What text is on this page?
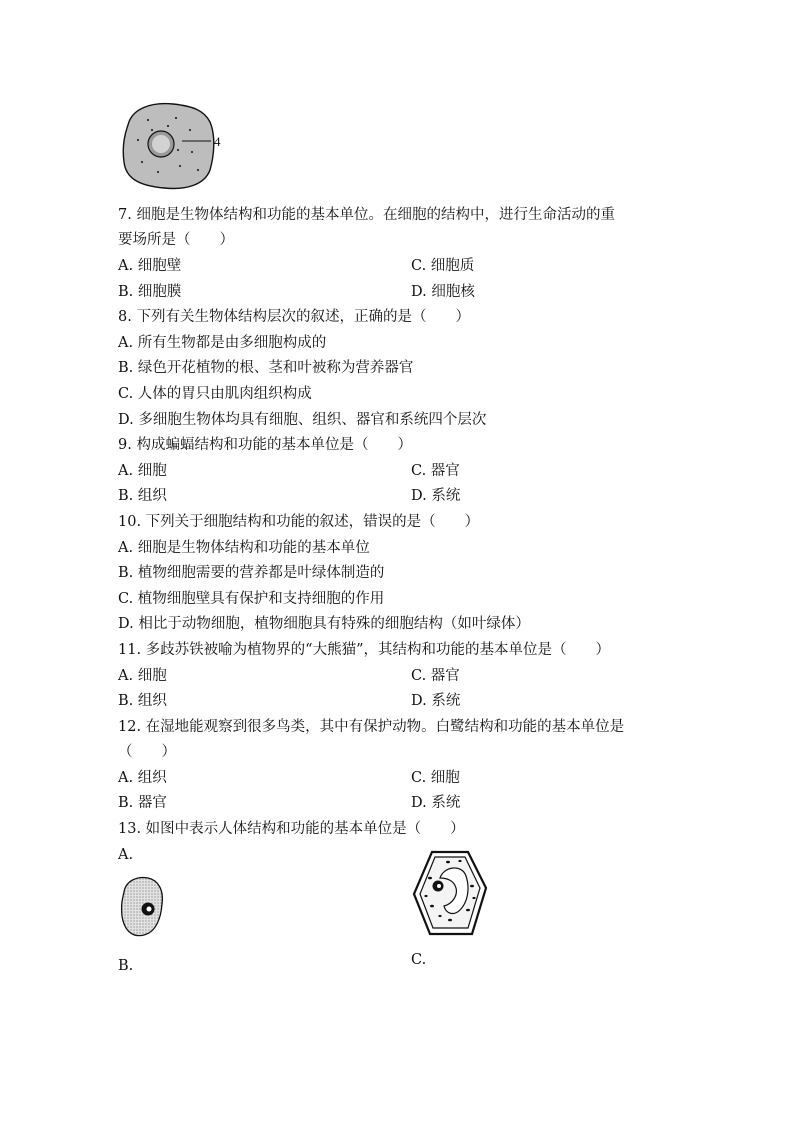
4
7. 细胞是生物体结构和功能的基本单位。在细胞的结构中，进行生命活动的重
要场所是（　　）
A. 细胞壁	C. 细胞质
B. 细胞膜	D. 细胞核
8. 下列有关生物体结构层次的叙述，正确的是（　　）
A. 所有生物都是由多细胞构成的
B. 绿色开花植物的根、茎和叶被称为营养器官
C. 人体的胃只由肌肉组织构成
D. 多细胞生物体均具有细胞、组织、器官和系统四个层次
9. 构成蝙蝠结构和功能的基本单位是（　　）
A. 细胞	C. 器官
B. 组织	D. 系统
10. 下列关于细胞结构和功能的叙述，错误的是（　　）
A. 细胞是生物体结构和功能的基本单位
B. 植物细胞需要的营养都是叶绿体制造的
C. 植物细胞壁具有保护和支持细胞的作用
D. 相比于动物细胞，植物细胞具有特殊的细胞结构（如叶绿体）
11. 多歧苏铁被喻为植物界的“大熊猫”，其结构和功能的基本单位是（　　）
A. 细胞	C. 器官
B. 组织	D. 系统
12. 在湿地能观察到很多鸟类，其中有保护动物。白鹭结构和功能的基本单位是
（　　）
A. 组织	C. 细胞
B. 器官	D. 系统
13. 如图中表示人体结构和功能的基本单位是（　　）
A.
B.	C.
